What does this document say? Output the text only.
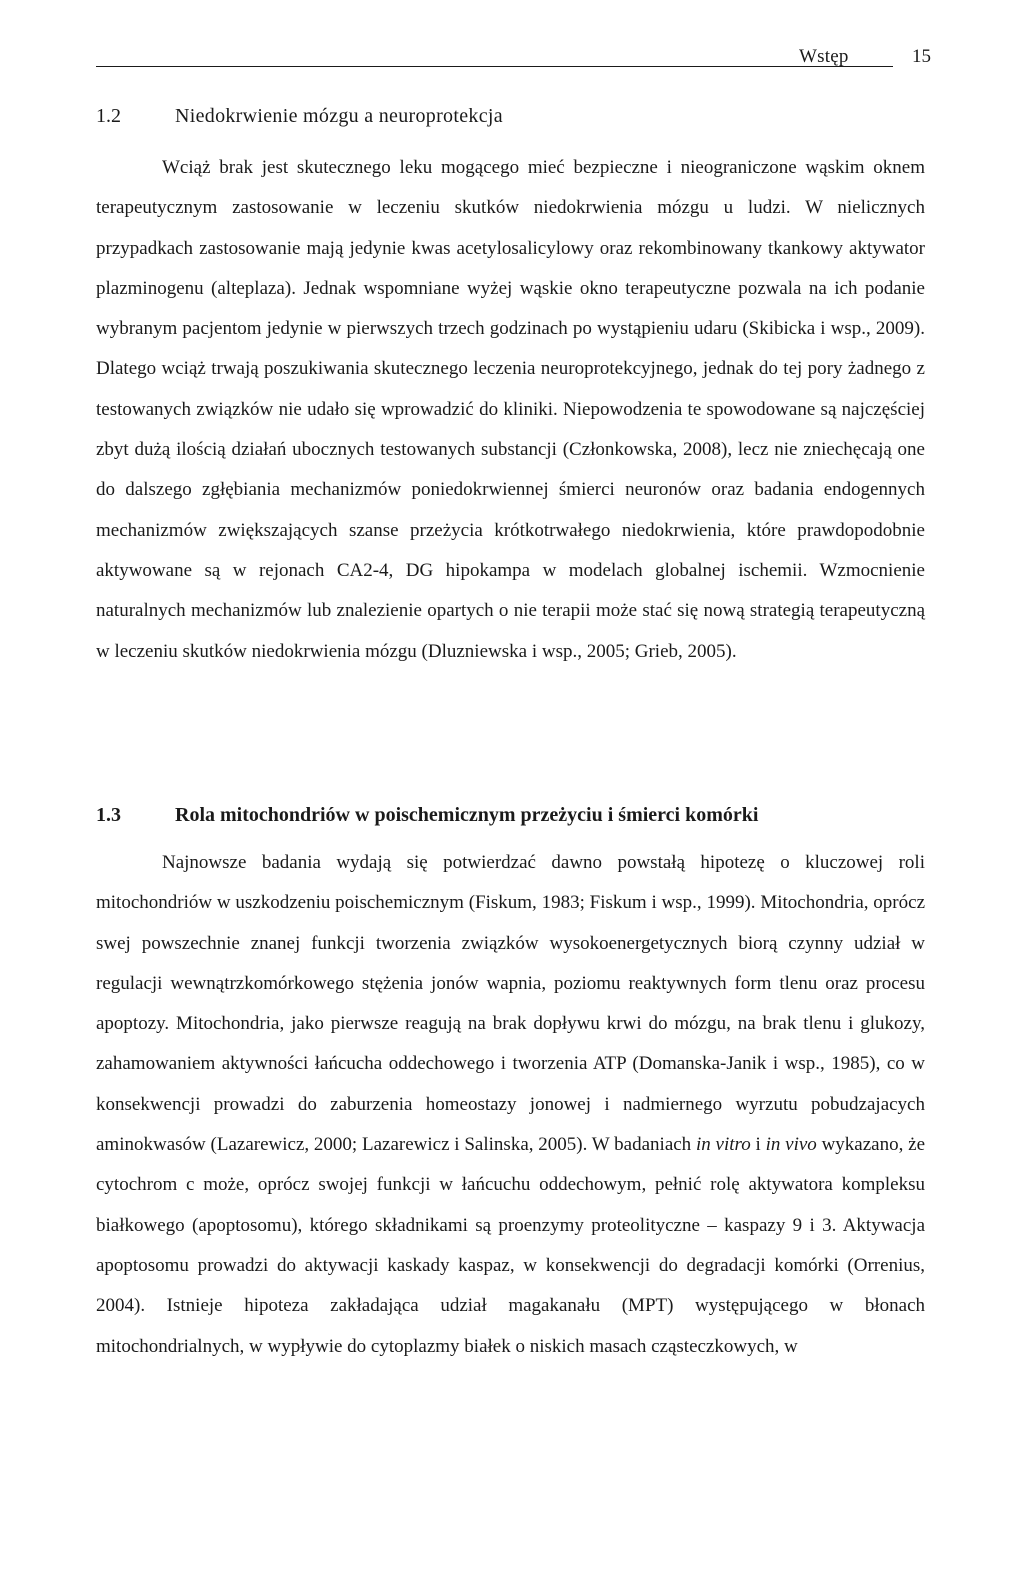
Wstęp	15
1.2	Niedokrwienie mózgu a neuroprotekcja

Wciąż brak jest skutecznego leku mogącego mieć bezpieczne i nieograniczone wąskim oknem terapeutycznym zastosowanie w leczeniu skutków niedokrwienia mózgu u ludzi. W nielicznych przypadkach zastosowanie mają jedynie kwas acetylosalicylowy oraz rekombinowany tkankowy aktywator plazminogenu (alteplaza). Jednak wspomniane wyżej wąskie okno terapeutyczne pozwala na ich podanie wybranym pacjentom jedynie w pierwszych trzech godzinach po wystąpieniu udaru (Skibicka i wsp., 2009). Dlatego wciąż trwają poszukiwania skutecznego leczenia neuroprotekcyjnego, jednak do tej pory żadnego z testowanych związków nie udało się wprowadzić do kliniki. Niepowodzenia te spowodowane są najczęściej zbyt dużą ilością działań ubocznych testowanych substancji (Członkowska, 2008), lecz nie zniechęcają one do dalszego zgłębiania mechanizmów poniedokrwiennej śmierci neuronów oraz badania endogennych mechanizmów zwiększających szanse przeżycia krótkotrwałego niedokrwienia, które prawdopodobnie aktywowane są w rejonach CA2-4, DG hipokampa w modelach globalnej ischemii. Wzmocnienie naturalnych mechanizmów lub znalezienie opartych o nie terapii może stać się nową strategią terapeutyczną w leczeniu skutków niedokrwienia mózgu (Dluzniewska i wsp., 2005; Grieb, 2005).

1.3	Rola mitochondriów w poischemicznym przeżyciu i śmierci komórki

Najnowsze badania wydają się potwierdzać dawno powstałą hipotezę o kluczowej roli mitochondriów w uszkodzeniu poischemicznym (Fiskum, 1983; Fiskum i wsp., 1999). Mitochondria, oprócz swej powszechnie znanej funkcji tworzenia związków wysokoenergetycznych biorą czynny udział w regulacji wewnątrzkomórkowego stężenia jonów wapnia, poziomu reaktywnych form tlenu oraz procesu apoptozy. Mitochondria, jako pierwsze reagują na brak dopływu krwi do mózgu, na brak tlenu i glukozy, zahamowaniem aktywności łańcucha oddechowego i tworzenia ATP (Domanska-Janik i wsp., 1985), co w konsekwencji prowadzi do zaburzenia homeostazy jonowej i nadmiernego wyrzutu pobudzajacych aminokwasów (Lazarewicz, 2000; Lazarewicz i Salinska, 2005). W badaniach in vitro i in vivo wykazano, że cytochrom c może, oprócz swojej funkcji w łańcuchu oddechowym, pełnić rolę aktywatora kompleksu białkowego (apoptosomu), którego składnikami są proenzymy proteolityczne – kaspazy 9 i 3. Aktywacja apoptosomu prowadzi do aktywacji kaskady kaspaz, w konsekwencji do degradacji komórki (Orrenius, 2004). Istnieje hipoteza zakładająca udział magakanału (MPT) występującego w błonach mitochondrialnych, w wypływie do cytoplazmy białek o niskich masach cząsteczkowych, w
